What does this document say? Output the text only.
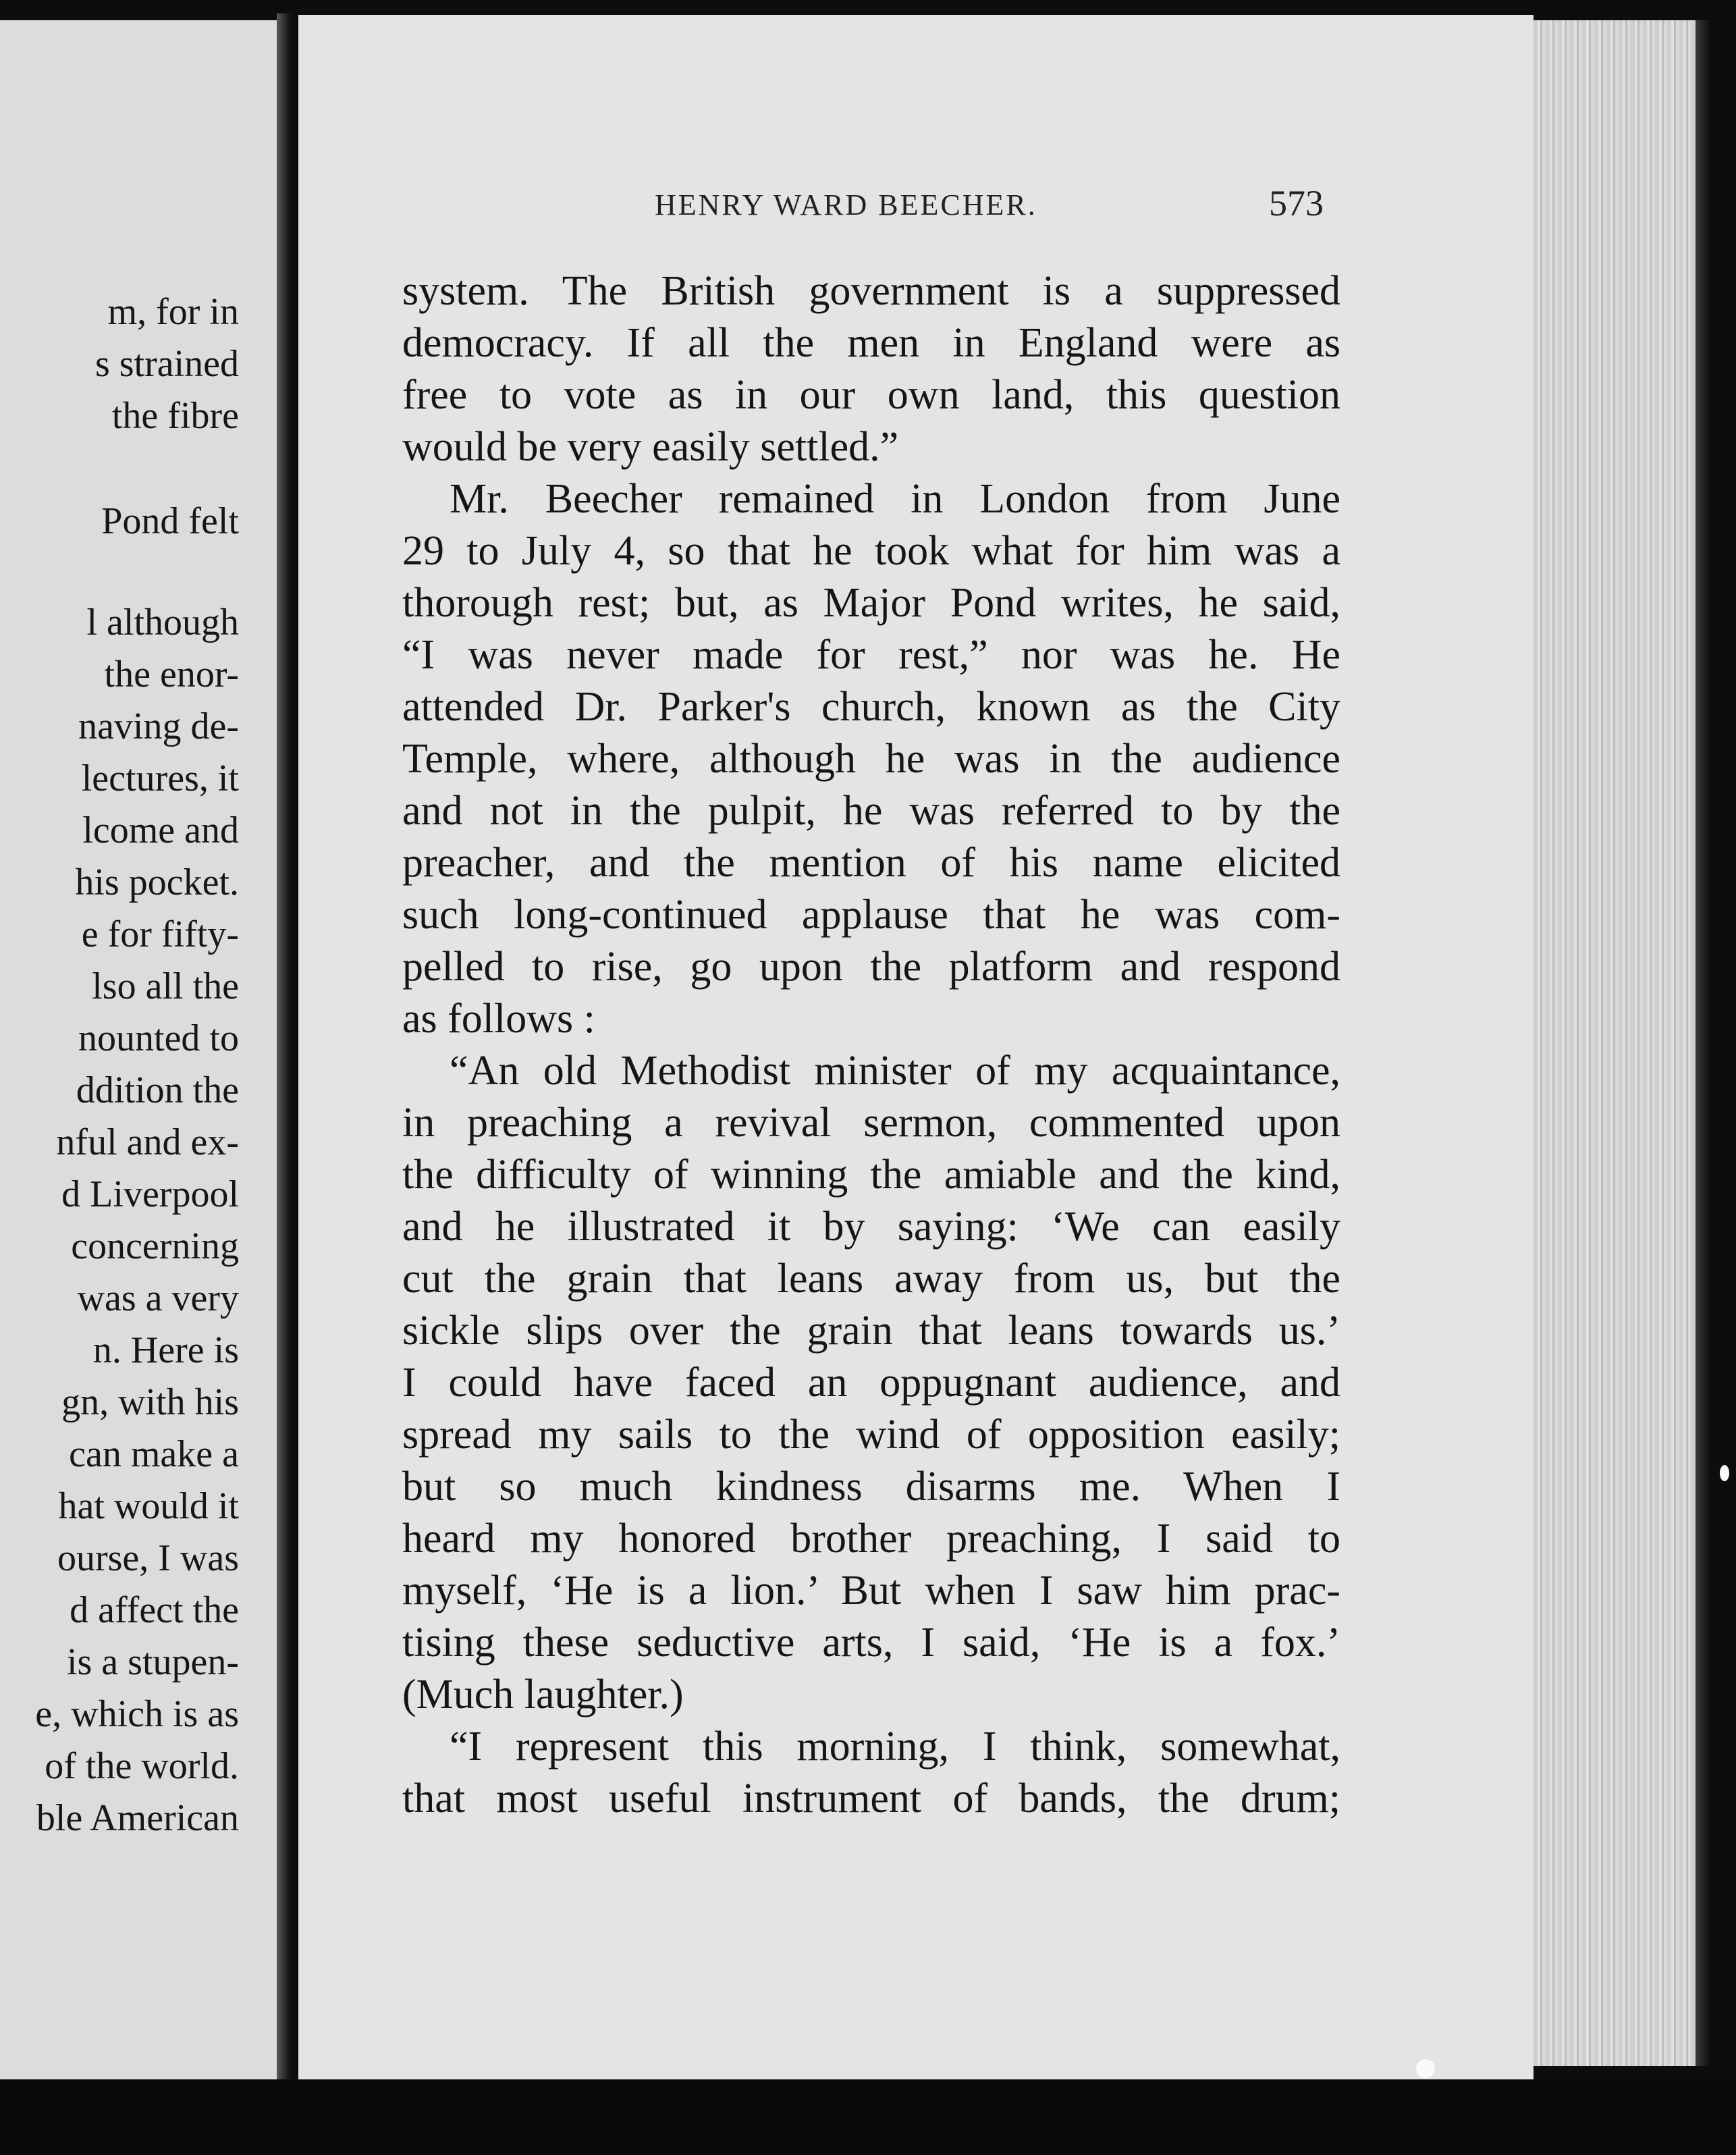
m, for in
s strained
the fibre
Pond felt
l although
the enor-
naving de-
lectures, it
lcome and
his pocket.
e for fifty-
lso all the
nounted to
ddition the
nful and ex-
d Liverpool
concerning
was a very
n. Here is
gn, with his
can make a
hat would it
ourse, I was
d affect the
is a stupen-
e, which is as
of the world.
ble American
HENRY WARD BEECHER.	573
system. The British government is a suppressed
democracy. If all the men in England were as
free to vote as in our own land, this question
would be very easily settled.”
Mr. Beecher remained in London from June
29 to July 4, so that he took what for him was a
thorough rest; but, as Major Pond writes, he said,
“I was never made for rest,” nor was he. He
attended Dr. Parker's church, known as the City
Temple, where, although he was in the audience
and not in the pulpit, he was referred to by the
preacher, and the mention of his name elicited
such long-continued applause that he was com-
pelled to rise, go upon the platform and respond
as follows :
“An old Methodist minister of my acquaintance,
in preaching a revival sermon, commented upon
the difficulty of winning the amiable and the kind,
and he illustrated it by saying: ‘We can easily
cut the grain that leans away from us, but the
sickle slips over the grain that leans towards us.’
I could have faced an oppugnant audience, and
spread my sails to the wind of opposition easily;
but so much kindness disarms me. When I
heard my honored brother preaching, I said to
myself, ‘He is a lion.’ But when I saw him prac-
tising these seductive arts, I said, ‘He is a fox.’
(Much laughter.)
“I represent this morning, I think, somewhat,
that most useful instrument of bands, the drum;
